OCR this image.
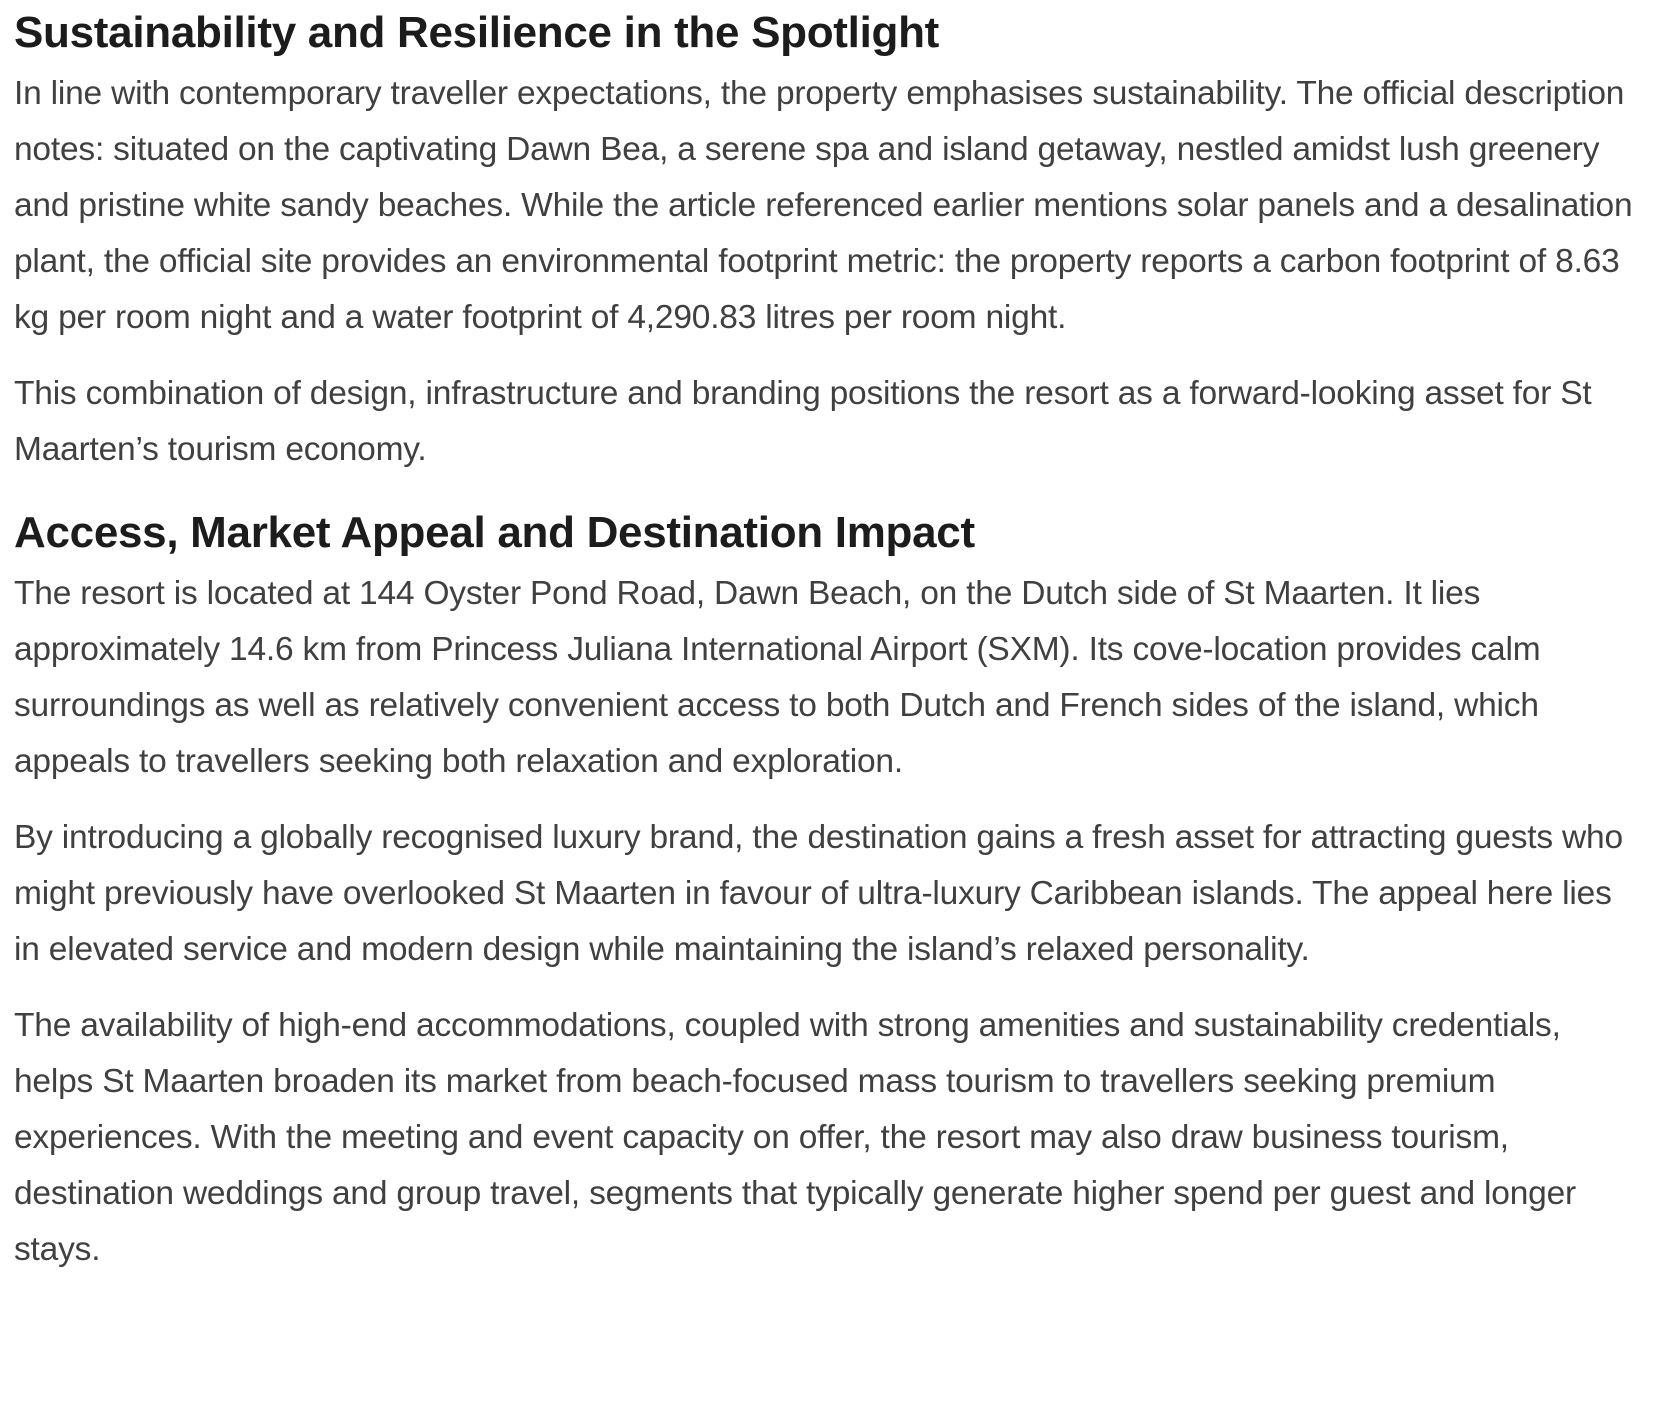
Sustainability and Resilience in the Spotlight

In line with contemporary traveller expectations, the property emphasises sustainability. The official description notes: situated on the captivating Dawn Bea, a serene spa and island getaway, nestled amidst lush greenery and pristine white sandy beaches. While the article referenced earlier mentions solar panels and a desalination plant, the official site provides an environmental footprint metric: the property reports a carbon footprint of 8.63 kg per room night and a water footprint of 4,290.83 litres per room night.

This combination of design, infrastructure and branding positions the resort as a forward-looking asset for St Maarten’s tourism economy.

Access, Market Appeal and Destination Impact

The resort is located at 144 Oyster Pond Road, Dawn Beach, on the Dutch side of St Maarten. It lies approximately 14.6 km from Princess Juliana International Airport (SXM). Its cove-location provides calm surroundings as well as relatively convenient access to both Dutch and French sides of the island, which appeals to travellers seeking both relaxation and exploration.

By introducing a globally recognised luxury brand, the destination gains a fresh asset for attracting guests who might previously have overlooked St Maarten in favour of ultra-luxury Caribbean islands. The appeal here lies in elevated service and modern design while maintaining the island’s relaxed personality.

The availability of high-end accommodations, coupled with strong amenities and sustainability credentials, helps St Maarten broaden its market from beach-focused mass tourism to travellers seeking premium experiences. With the meeting and event capacity on offer, the resort may also draw business tourism, destination weddings and group travel, segments that typically generate higher spend per guest and longer stays.
